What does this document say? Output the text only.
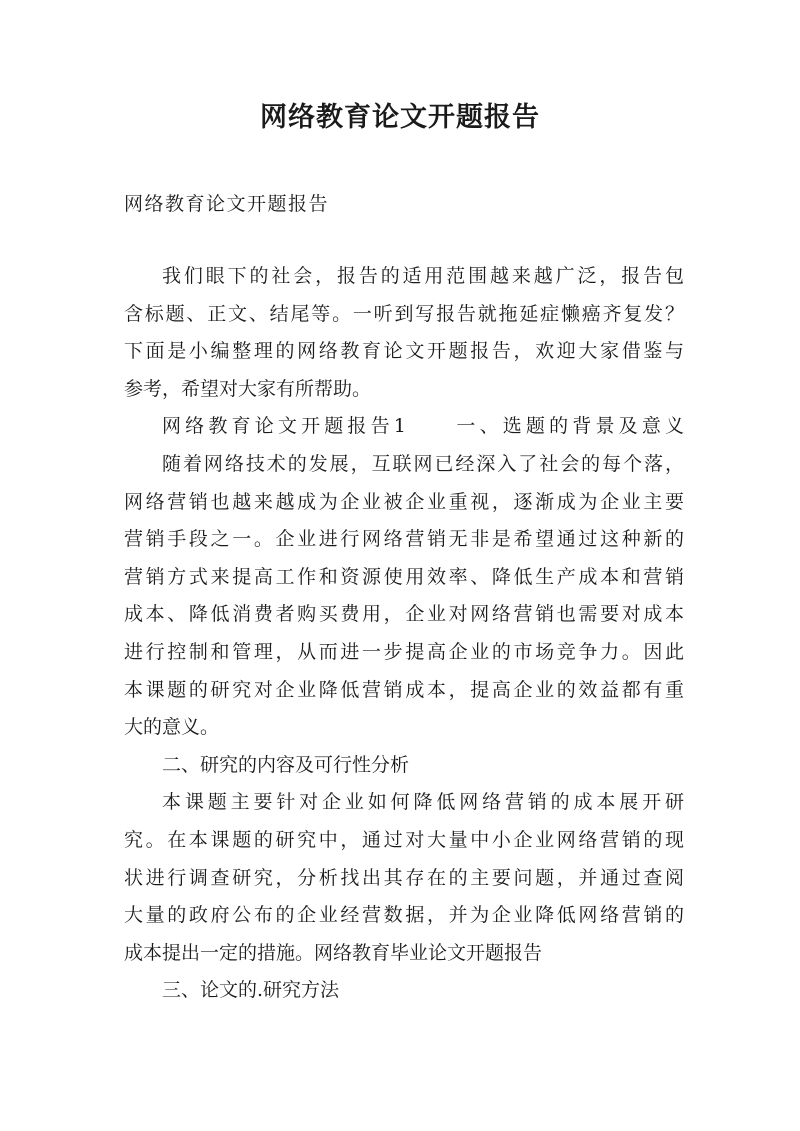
网络教育论文开题报告
网络教育论文开题报告
我们眼下的社会，报告的适用范围越来越广泛，报告包
含标题、正文、结尾等。一听到写报告就拖延症懒癌齐复发？
下面是小编整理的网络教育论文开题报告，欢迎大家借鉴与
参考，希望对大家有所帮助。
网络教育论文开题报告1　　一、选题的背景及意义
随着网络技术的发展，互联网已经深入了社会的每个落，
网络营销也越来越成为企业被企业重视，逐渐成为企业主要
营销手段之一。企业进行网络营销无非是希望通过这种新的
营销方式来提高工作和资源使用效率、降低生产成本和营销
成本、降低消费者购买费用，企业对网络营销也需要对成本
进行控制和管理，从而进一步提高企业的市场竞争力。因此
本课题的研究对企业降低营销成本，提高企业的效益都有重
大的意义。
二、研究的内容及可行性分析
本课题主要针对企业如何降低网络营销的成本展开研
究。在本课题的研究中，通过对大量中小企业网络营销的现
状进行调查研究，分析找出其存在的主要问题，并通过查阅
大量的政府公布的企业经营数据，并为企业降低网络营销的
成本提出一定的措施。网络教育毕业论文开题报告
三、论文的.研究方法
